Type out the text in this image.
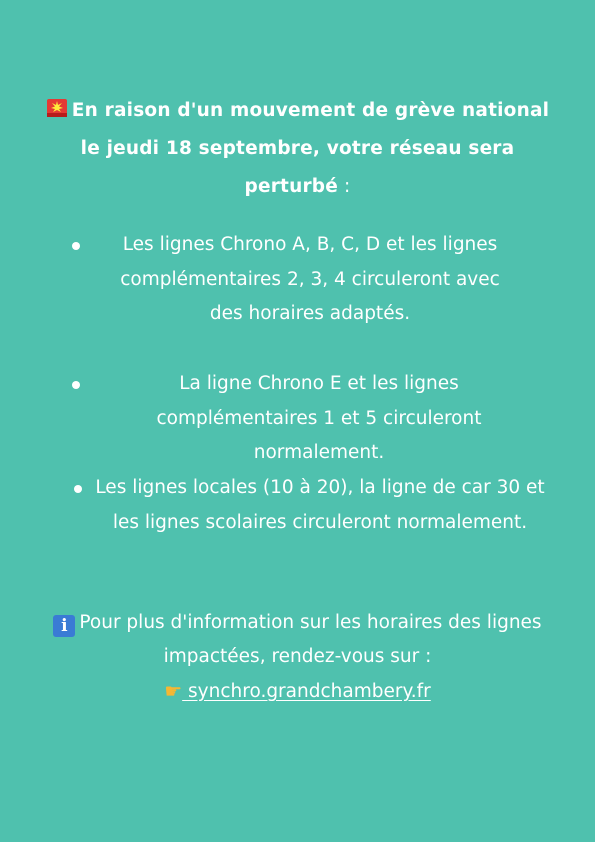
En raison d'un mouvement de grève national le jeudi 18 septembre, votre réseau sera perturbé :
Les lignes Chrono A, B, C, D et les lignes complémentaires 2, 3, 4 circuleront avec des horaires adaptés.
La ligne Chrono E et les lignes complémentaires 1 et 5 circuleront normalement.
Les lignes locales (10 à 20), la ligne de car 30 et les lignes scolaires circuleront normalement.
i Pour plus d'information sur les horaires des lignes impactées, rendez-vous sur :
☛ synchro.grandchambery.fr
